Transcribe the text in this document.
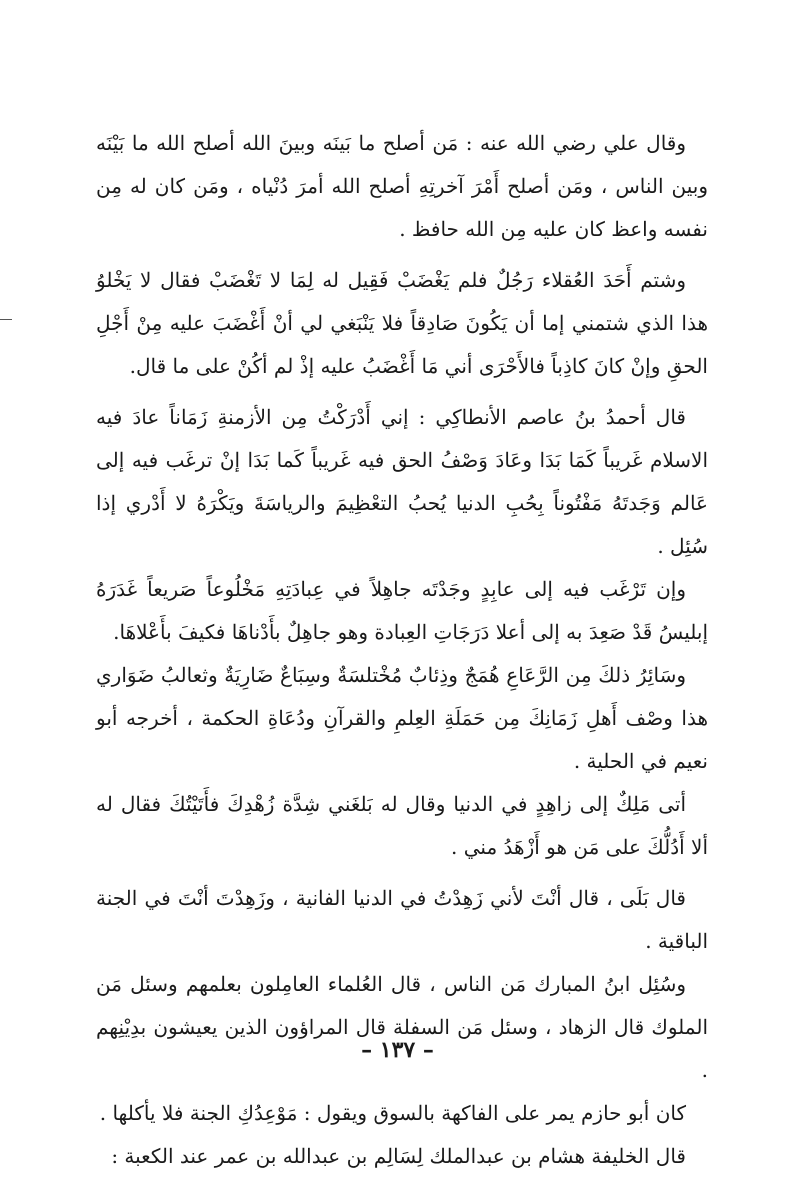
وقال علي رضي الله عنه : مَن أصلح ما بَينَه وبينَ الله أصلح الله ما بَيْنَه وبين الناس ، ومَن أصلح أَمْرَ آخرتِهِ أصلح الله أمرَ دُنْياه ، ومَن كان له مِن نفسه واعظ كان عليه مِن الله حافظ .

وشتم أَحَدَ العُقلاء رَجُلٌ فلم يَغْضَبْ فَقِيل له لِمَا لا تَغْضَبْ فقال لا يَخْلوُ هذا الذي شتمني إما أن يَكُونَ صَادِقاً فلا يَنْبَغي لي أنْ أَغْضَبَ عليه مِنْ أَجْلِ الحقِ وإنْ كانَ كاذِباً فالأَحْرَى أني مَا أَغْضَبُ عليه إذْ لم أكُنْ على ما قال.

قال أحمدُ بنُ عاصم الأنطاكِي : إني أَدْرَكْتُ مِن الأزمنةِ زَمَاناً عادَ فيه الاسلام غَريباً كَمَا بَدَا وعَادَ وَصْفُ الحق فيه غَريباً كَما بَدَا إنْ ترغَب فيه إلى عَالم وَجَدتَهُ مَفْتُوناً بِحُبِ الدنيا يُحبُ التعْظِيمَ والرياسَةَ ويَكْرَهُ لا أَدْري إذا سُئِل .

وإن تَرْغَب فيه إلى عابِدٍ وجَدْتَه جاهِلاً في عِبادَتِهِ مَخْلُوعاً صَريعاً غَدَرَهُ إبليسُ قَدْ صَعِدَ به إلى أعلا دَرَجَاتِ العِبادة وهو جاهِلٌ بأَدْناهَا فكيفَ بأَعْلاهَا.

وسَائِرُ ذلكَ مِن الرَّعَاعِ هُمَجٌ وذِئابٌ مُخْتلسَةٌ وسِبَاعٌ ضَارِيَةٌ وثعالبُ ضَوَاري هذا وصْف أَهلِ زَمَانِكَ مِن حَمَلَةِ العِلمِ والقرآنِ ودُعَاةِ الحكمة ، أخرجه أبو نعيم في الحلية .

أتى مَلِكٌ إلى زاهِدٍ في الدنيا وقال له بَلغَني شِدَّة زُهْدِكَ فأَتَيْتُكَ فقال له ألا أَدُلُّكَ على مَن هو أَزْهَدُ مني .

قال بَلَى ، قال أنْتَ لأني زَهِدْتُ في الدنيا الفانية ، وزَهِدْتَ أنْتَ في الجنة الباقية .

وسُئِل ابنُ المبارك مَن الناس ، قال العُلماء العامِلون بعلمهم وسئل مَن الملوك قال الزهاد ، وسئل مَن السفلة قال المراؤون الذين يعيشون بدِيْنِهم .

كان أبو حازم يمر على الفاكهة بالسوق ويقول : مَوْعِدُكِ الجنة فلا يأكلها .

قال الخليفة هشام بن عبدالملك لِسَالِم بن عبدالله بن عمر عند الكعبة :

– ١٣٧ –
